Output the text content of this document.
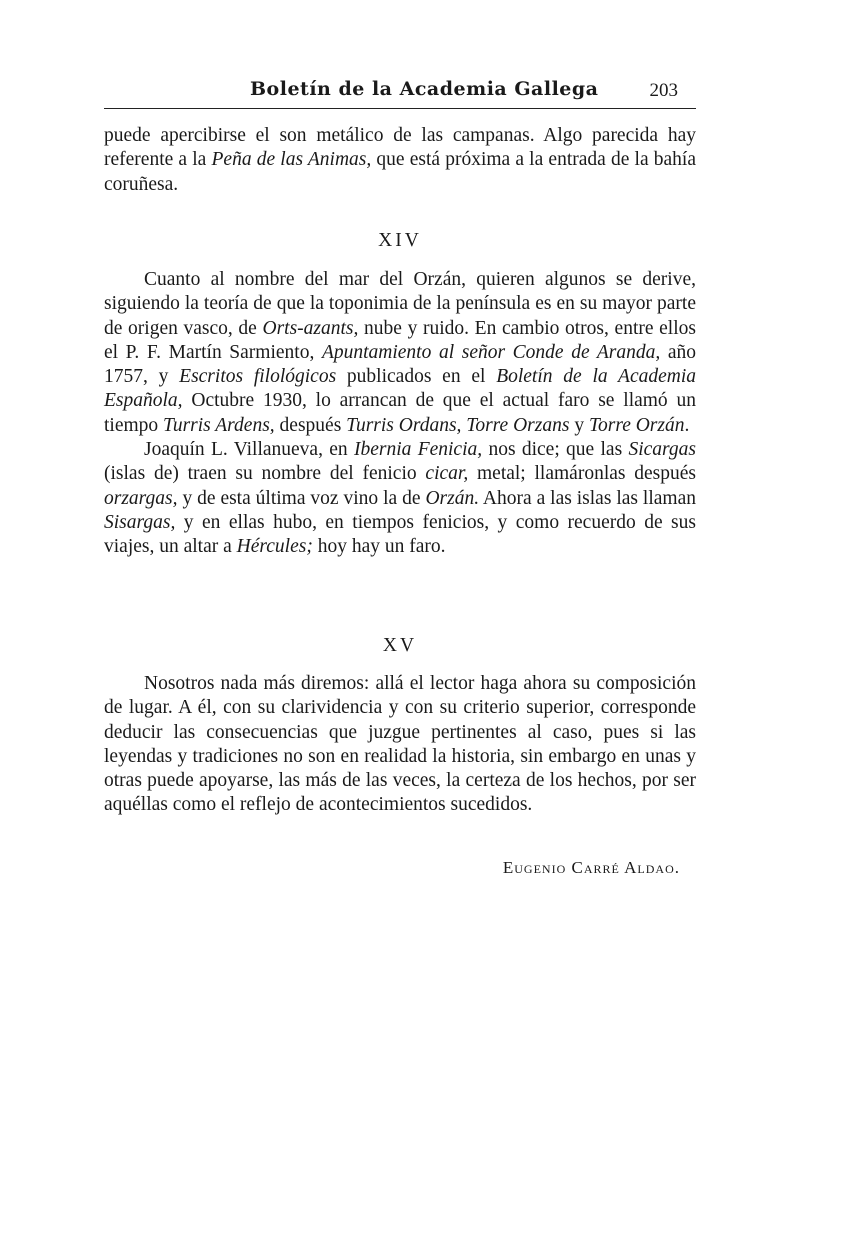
Boletín de la Academia Gallega	203

puede apercibirse el son metálico de las campanas. Algo parecida hay referente a la Peña de las Animas, que está próxima a la entrada de la bahía coruñesa.

XIV

Cuanto al nombre del mar del Orzán, quieren algunos se derive, siguiendo la teoría de que la toponimia de la península es en su mayor parte de origen vasco, de Orts-azants, nube y ruido. En cambio otros, entre ellos el P. F. Martín Sarmiento, Apuntamiento al señor Conde de Aranda, año 1757, y Escritos filológicos publicados en el Boletín de la Academia Española, Octubre 1930, lo arrancan de que el actual faro se llamó un tiempo Turris Ardens, después Turris Ordans, Torre Orzans y Torre Orzán.

Joaquín L. Villanueva, en Ibernia Fenicia, nos dice; que las Sicargas (islas de) traen su nombre del fenicio cicar, metal; llamáronlas después orzargas, y de esta última voz vino la de Orzán. Ahora a las islas las llaman Sisargas, y en ellas hubo, en tiempos fenicios, y como recuerdo de sus viajes, un altar a Hércules; hoy hay un faro.

XV

Nosotros nada más diremos: allá el lector haga ahora su composición de lugar. A él, con su clarividencia y con su criterio superior, corresponde deducir las consecuencias que juzgue pertinentes al caso, pues si las leyendas y tradiciones no son en realidad la historia, sin embargo en unas y otras puede apoyarse, las más de las veces, la certeza de los hechos, por ser aquéllas como el reflejo de acontecimientos sucedidos.

Eugenio Carré Aldao.
